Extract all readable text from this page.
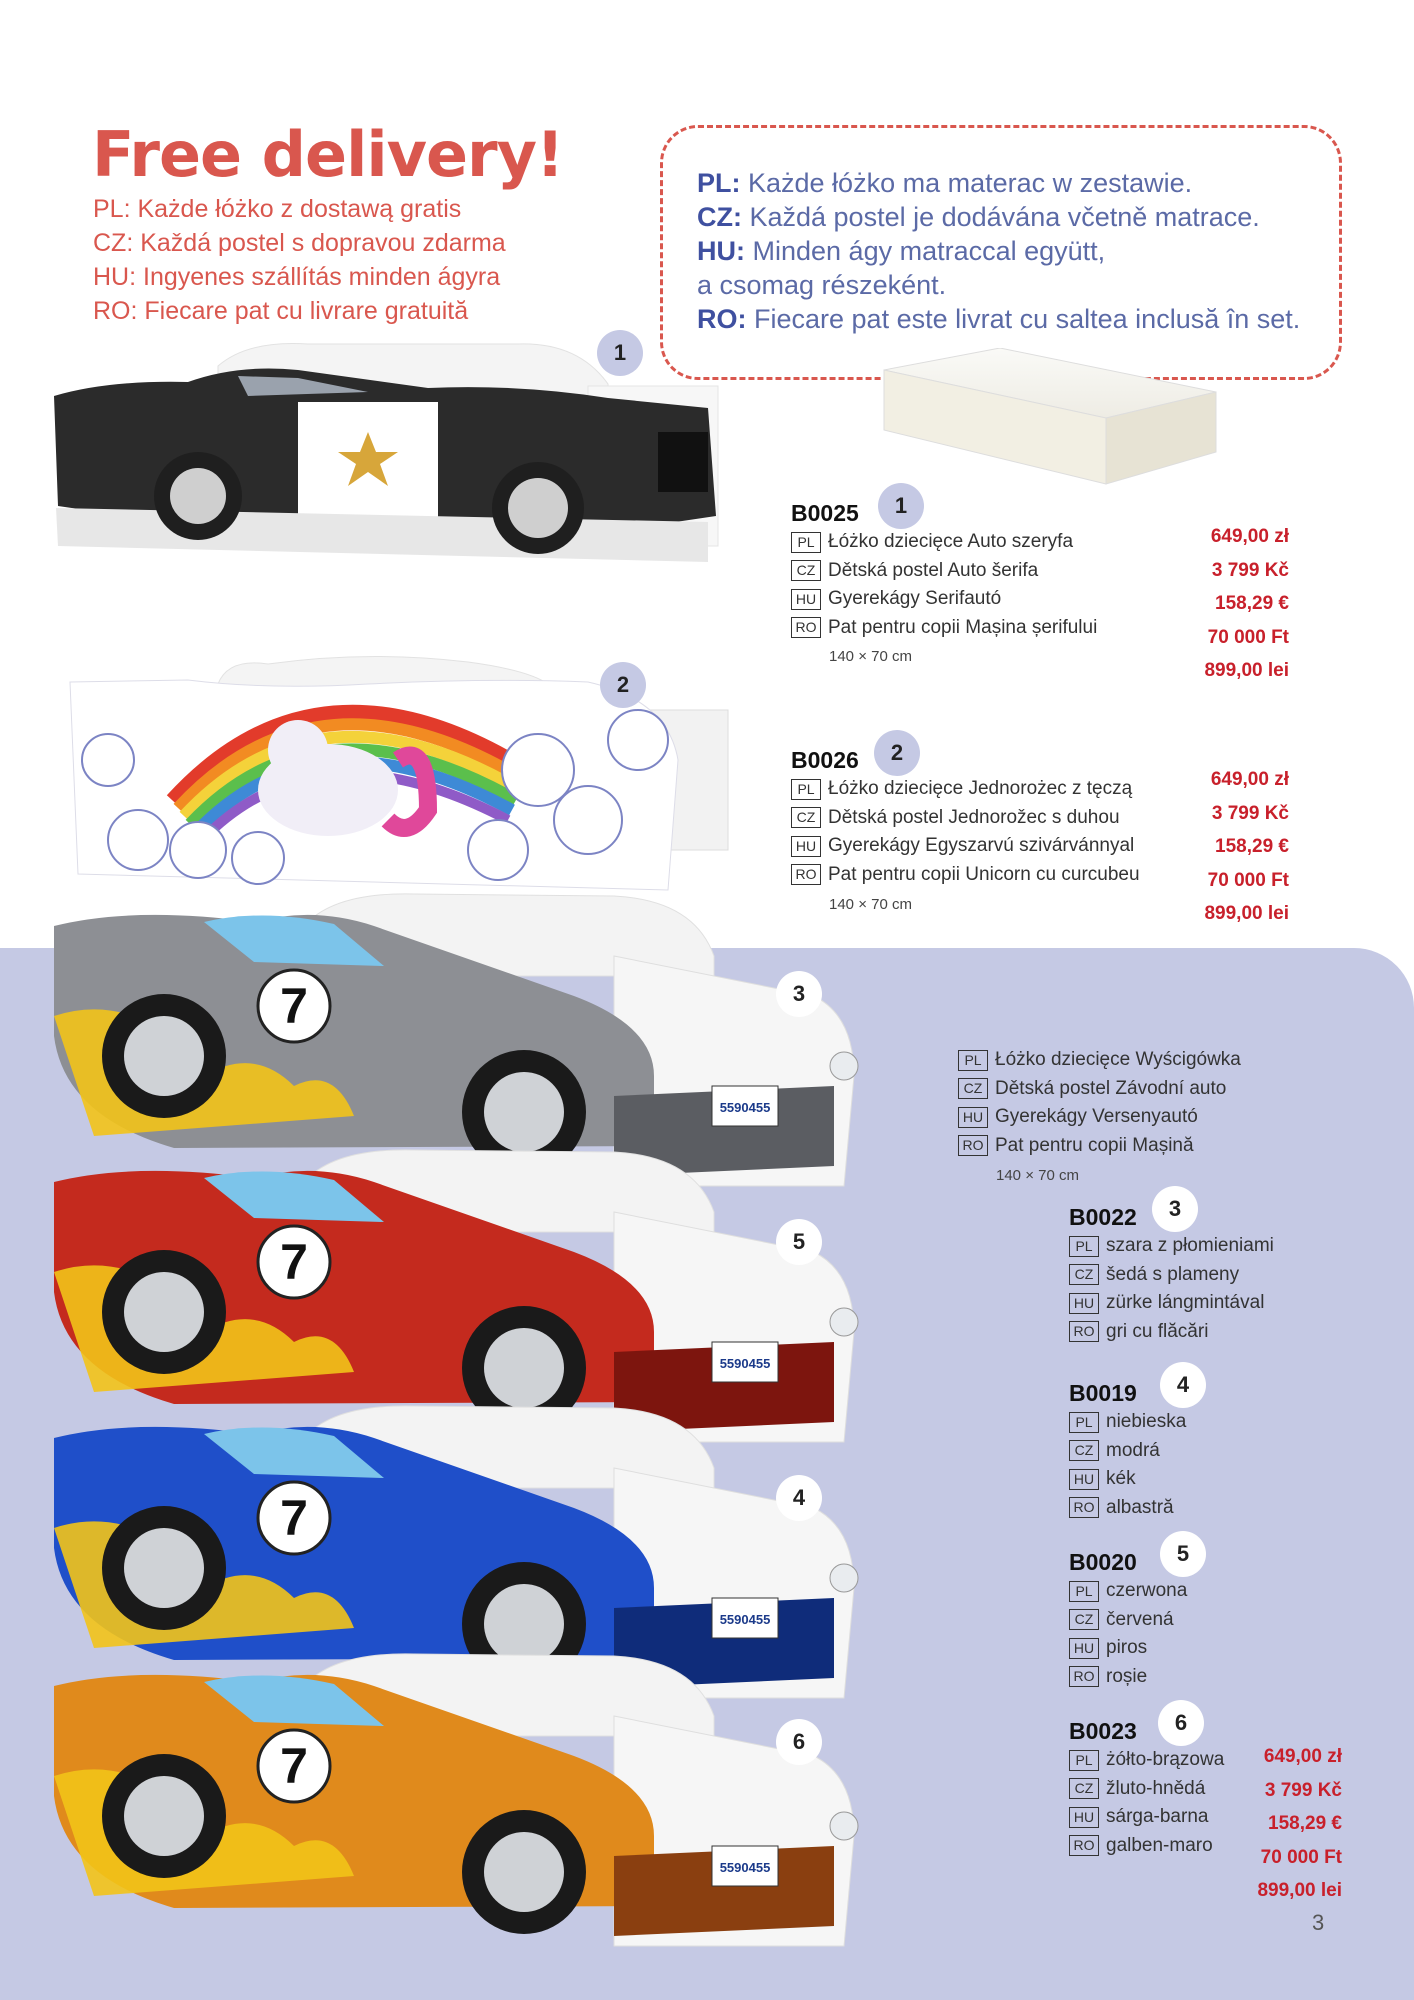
Free delivery!
PL: Każde łóżko z dostawą gratis
CZ: Každá postel s dopravou zdarma
HU: Ingyenes szállítás minden ágyra
RO: Fiecare pat cu livrare gratuită
PL: Każde łóżko ma materac w zestawie.
CZ: Každá postel je dodávána včetně matrace.
HU: Minden ágy matraccal együtt,
a csomag részeként.
RO: Fiecare pat este livrat cu saltea inclusă în set.
1
2
B0025	1
PL Łóżko dziecięce Auto szeryfa
CZ Dětská postel Auto šerifa
HU Gyerekágy Serifautó
RO Pat pentru copii Mașina șerifului
140 × 70 cm
649,00 zł
3 799 Kč
158,29 €
70 000 Ft
899,00 lei
B0026	2
PL Łóżko dziecięce Jednorożec z tęczą
CZ Dětská postel Jednorožec s duhou
HU Gyerekágy Egyszarvú szivárvánnyal
RO Pat pentru copii Unicorn cu curcubeu
140 × 70 cm
649,00 zł
3 799 Kč
158,29 €
70 000 Ft
899,00 lei
7
5590455
7
5590455
7
5590455
7
5590455
3
5
4
6
PL Łóżko dziecięce Wyścigówka
CZ Dětská postel Závodní auto
HU Gyerekágy Versenyautó
RO Pat pentru copii Mașină
140 × 70 cm
B0022	3
PL szara z płomieniami
CZ šedá s plameny
HU zürke lángmintával
RO gri cu flăcări
B0019	4
PL niebieska
CZ modrá
HU kék
RO albastră
B0020	5
PL czerwona
CZ červená
HU piros
RO roșie
B0023	6
PL żółto-brązowa
CZ žluto-hnědá
HU sárga-barna
RO galben-maro
649,00 zł
3 799 Kč
158,29 €
70 000 Ft
899,00 lei
3
